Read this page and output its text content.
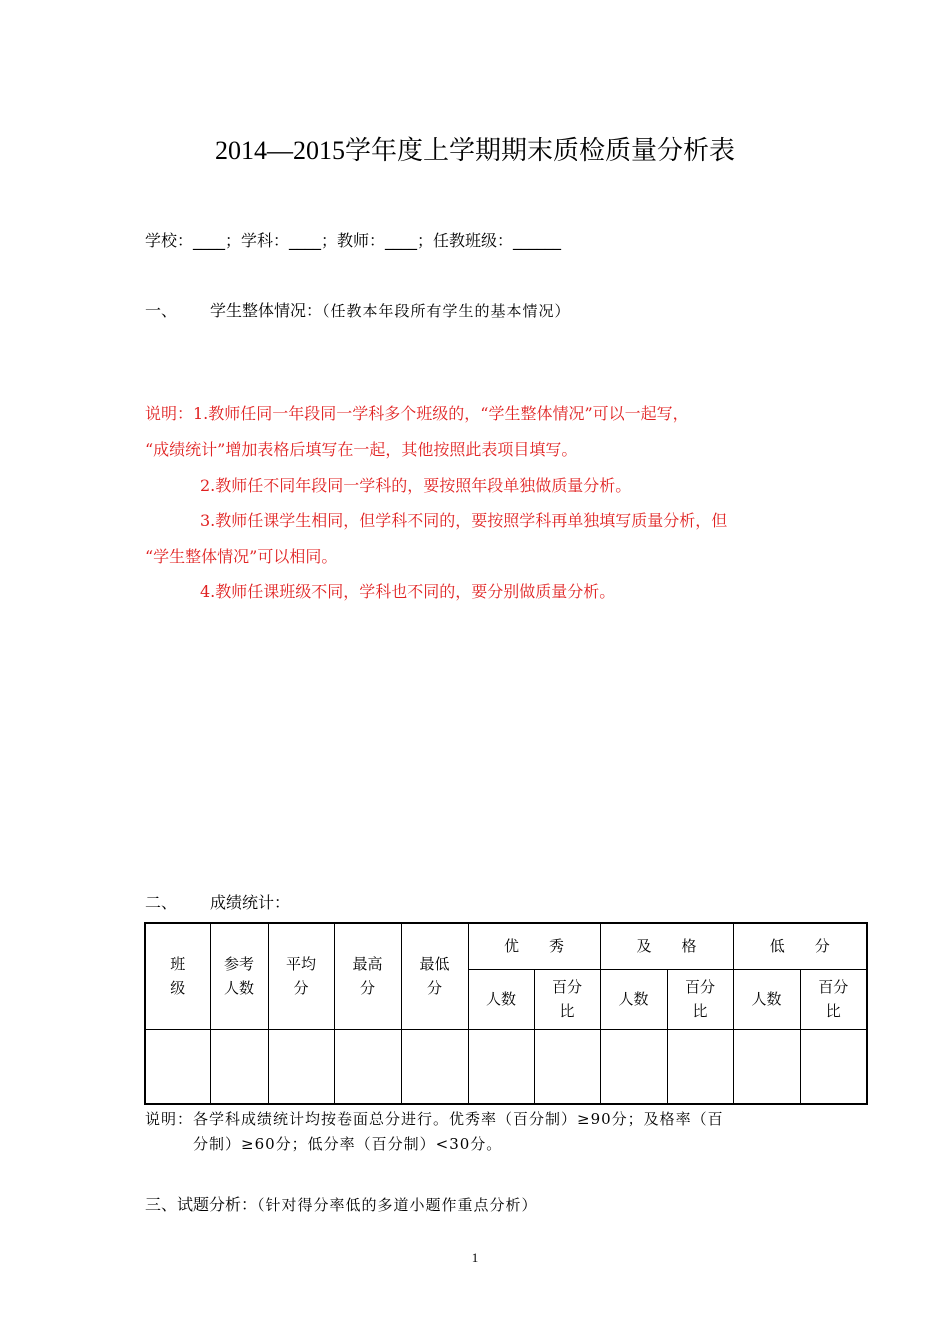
2014—2015学年度上学期期末质检质量分析表
学校：____；学科：____；教师：____；任教班级：______
一、 学生整体情况：（任教本年段所有学生的基本情况）
说明：1.教师任同一年段同一学科多个班级的，“学生整体情况”可以一起写，
“成绩统计”增加表格后填写在一起，其他按照此表项目填写。
2.教师任不同年段同一学科的，要按照年段单独做质量分析。
3.教师任课学生相同，但学科不同的，要按照学科再单独填写质量分析，但
“学生整体情况”可以相同。
4.教师任课班级不同，学科也不同的，要分别做质量分析。
二、 成绩统计：
班级	参考人数	平均分	最高分	最低分	优　　秀		及　　格		低　　分	
					人数	百分比	人数	百分比	人数	百分比

说明：各学科成绩统计均按卷面总分进行。优秀率（百分制）≥90分；及格率（百
分制）≥60分；低分率（百分制）<30分。
三、试题分析：（针对得分率低的多道小题作重点分析）
1
